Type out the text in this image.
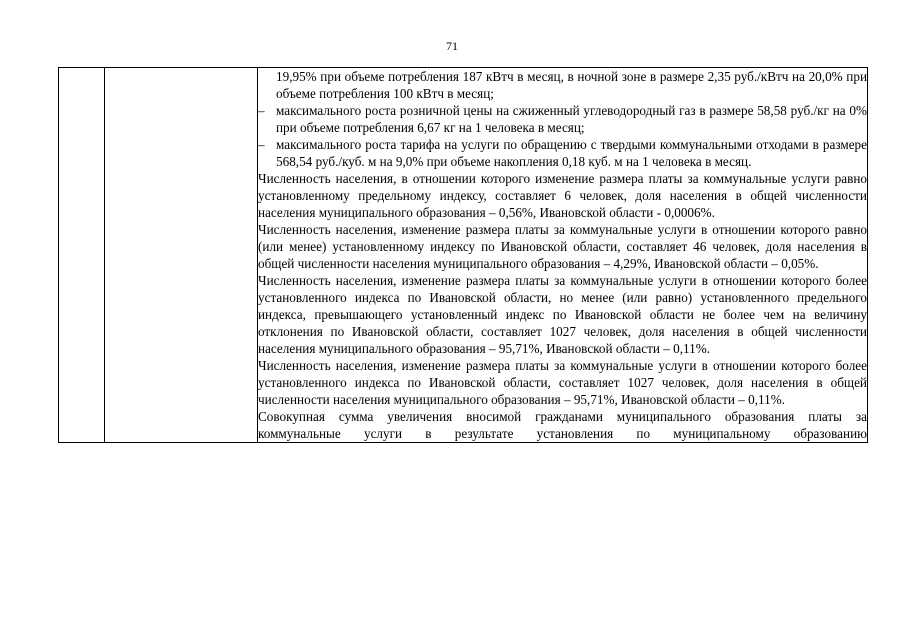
71

19,95% при объеме потребления 187 кВтч в месяц, в ночной зоне в размере 2,35 руб./кВтч на 20,0% при объеме потребления 100 кВтч в месяц;

– максимального роста розничной цены на сжиженный углеводородный газ в размере 58,58 руб./кг на 0% при объеме потребления 6,67 кг на 1 человека в месяц;

– максимального роста тарифа на услуги по обращению с твердыми коммунальными отходами в размере 568,54 руб./куб. м на 9,0% при объеме накопления 0,18 куб. м на 1 человека в месяц.

Численность населения, в отношении которого изменение размера платы за коммунальные услуги равно установленному предельному индексу, составляет 6 человек, доля населения в общей численности населения муниципального образования – 0,56%, Ивановской области - 0,0006%.

Численность населения, изменение размера платы за коммунальные услуги в отношении которого равно (или менее) установленному индексу по Ивановской области, составляет 46 человек, доля населения в общей численности населения муниципального образования – 4,29%, Ивановской области – 0,05%.

Численность населения, изменение размера платы за коммунальные услуги в отношении которого более установленного индекса по Ивановской области, но менее (или равно) установленного предельного индекса, превышающего установленный индекс по Ивановской области не более чем на величину отклонения по Ивановской области, составляет 1027 человек, доля населения в общей численности населения муниципального образования – 95,71%, Ивановской области – 0,11%.

Численность населения, изменение размера платы за коммунальные услуги в отношении которого более установленного индекса по Ивановской области, составляет 1027 человек, доля населения в общей численности населения муниципального образования – 95,71%, Ивановской области – 0,11%.

Совокупная сумма увеличения вносимой гражданами муниципального образования платы за коммунальные услуги в результате установления по муниципальному образованию
